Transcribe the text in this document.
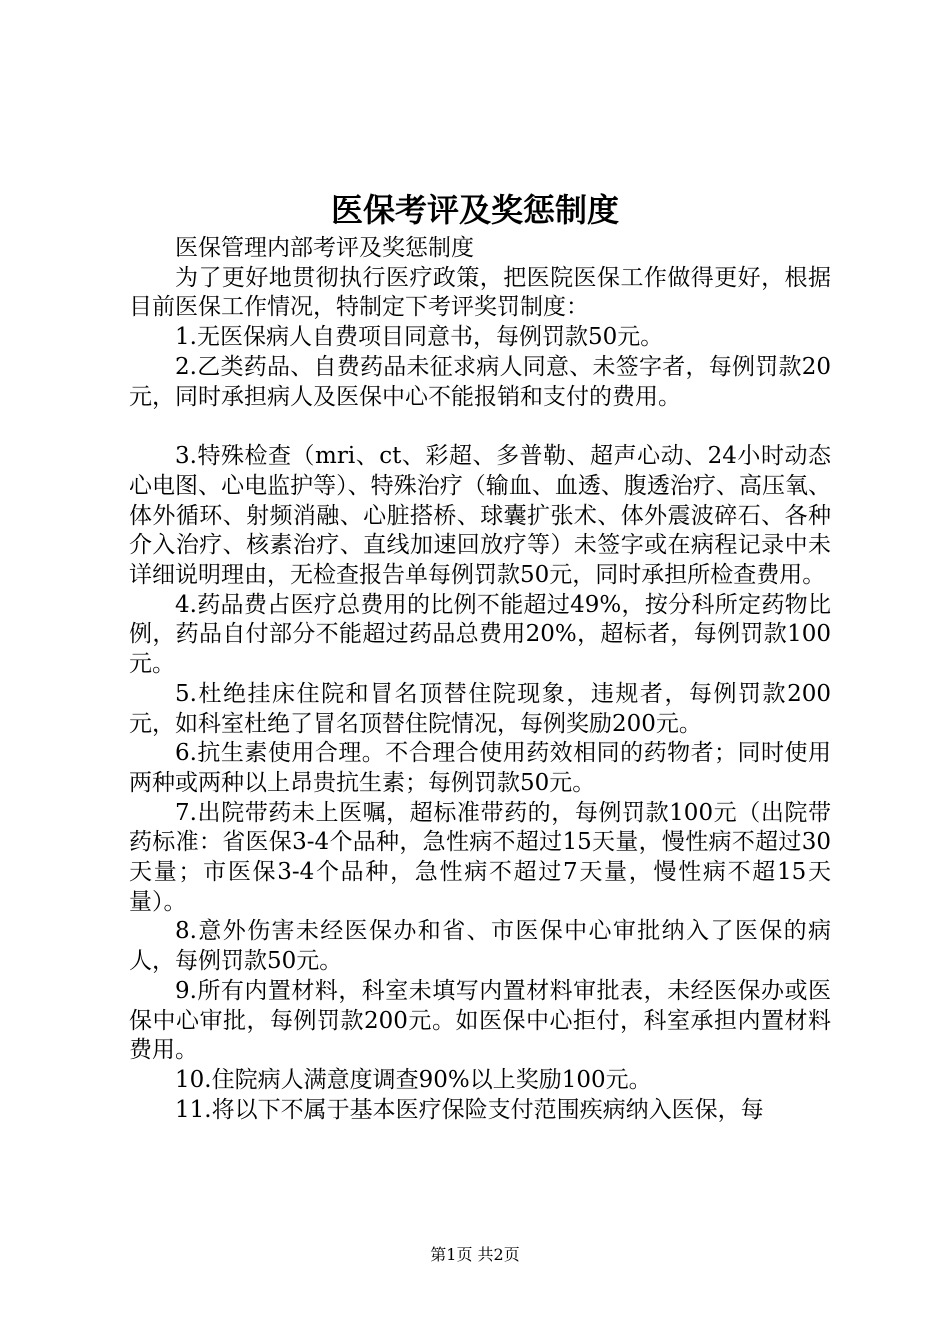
医保考评及奖惩制度

医保管理内部考评及奖惩制度

为了更好地贯彻执行医疗政策，把医院医保工作做得更好，根据目前医保工作情况，特制定下考评奖罚制度：

1.无医保病人自费项目同意书，每例罚款50元。

2.乙类药品、自费药品未征求病人同意、未签字者，每例罚款20元，同时承担病人及医保中心不能报销和支付的费用。

3.特殊检查（mri、ct、彩超、多普勒、超声心动、24小时动态心电图、心电监护等）、特殊治疗（输血、血透、腹透治疗、高压氧、体外循环、射频消融、心脏搭桥、球囊扩张术、体外震波碎石、各种介入治疗、核素治疗、直线加速回放疗等）未签字或在病程记录中未详细说明理由，无检查报告单每例罚款50元，同时承担所检查费用。

4.药品费占医疗总费用的比例不能超过49%，按分科所定药物比例，药品自付部分不能超过药品总费用20%，超标者，每例罚款100元。

5.杜绝挂床住院和冒名顶替住院现象，违规者，每例罚款200元，如科室杜绝了冒名顶替住院情况，每例奖励200元。

6.抗生素使用合理。不合理合使用药效相同的药物者；同时使用两种或两种以上昂贵抗生素；每例罚款50元。

7.出院带药未上医嘱，超标准带药的，每例罚款100元（出院带药标准：省医保3-4个品种，急性病不超过15天量，慢性病不超过30天量；市医保3-4个品种，急性病不超过7天量，慢性病不超15天量）。

8.意外伤害未经医保办和省、市医保中心审批纳入了医保的病人，每例罚款50元。

9.所有内置材料，科室未填写内置材料审批表，未经医保办或医保中心审批，每例罚款200元。如医保中心拒付，科室承担内置材料费用。

10.住院病人满意度调查90%以上奖励100元。

11.将以下不属于基本医疗保险支付范围疾病纳入医保，每

第1页 共2页
